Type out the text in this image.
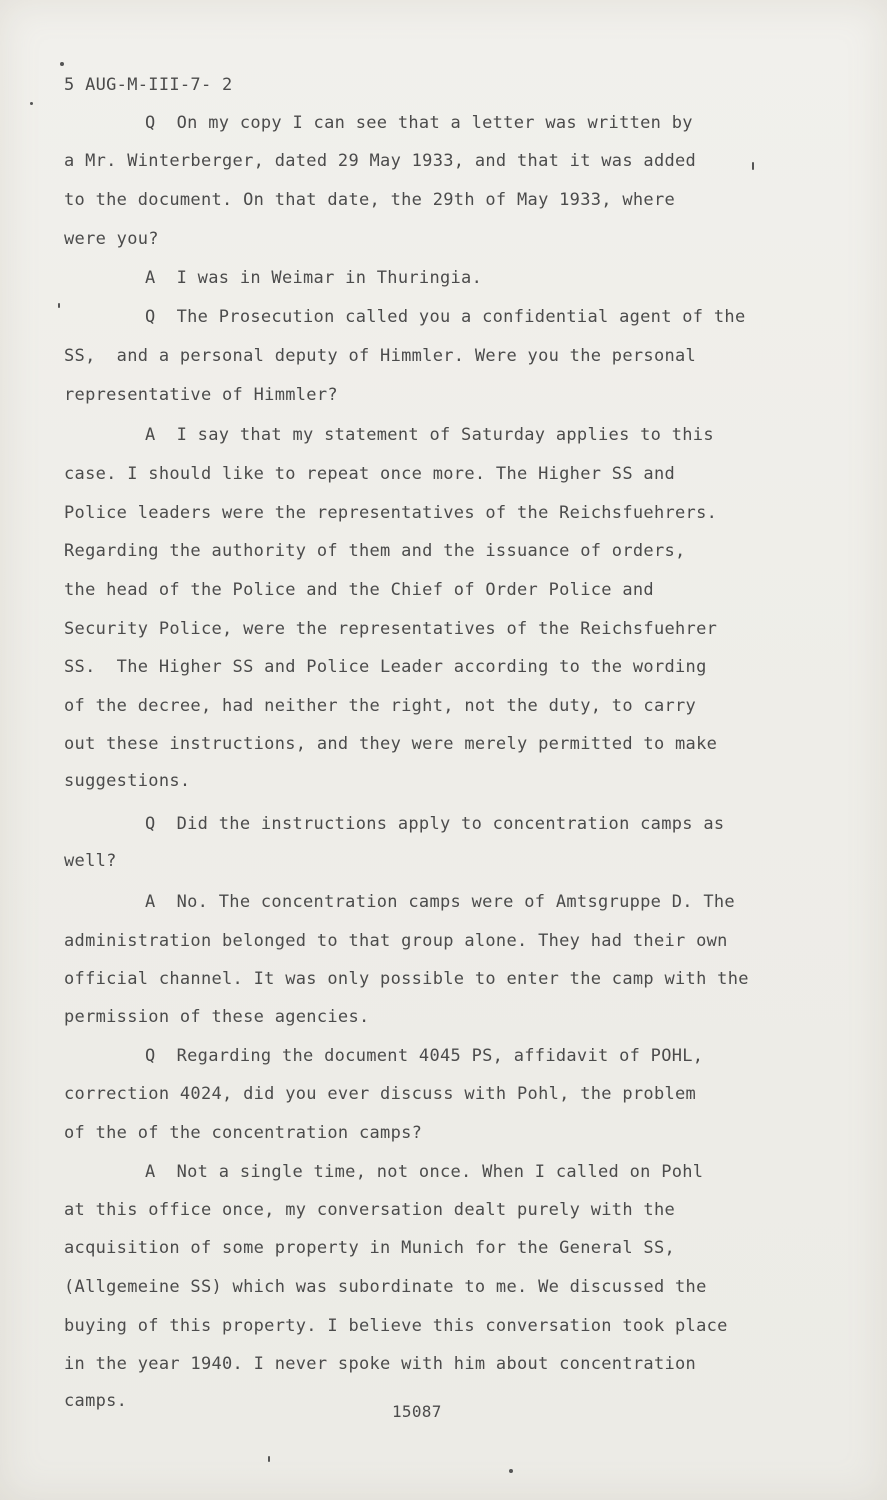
5 AUG-M-III-7- 2

Q  On my copy I can see that a letter was written by

a Mr. Winterberger, dated 29 May 1933, and that it was added

to the document. On that date, the 29th of May 1933, where

were you?

A  I was in Weimar in Thuringia.

Q  The Prosecution called you a confidential agent of the

SS,  and a personal deputy of Himmler. Were you the personal

representative of Himmler?

A  I say that my statement of Saturday applies to this

case. I should like to repeat once more. The Higher SS and

Police leaders were the representatives of the Reichsfuehrers.

Regarding the authority of them and the issuance of orders,

the head of the Police and the Chief of Order Police and

Security Police, were the representatives of the Reichsfuehrer

SS.  The Higher SS and Police Leader according to the wording

of the decree, had neither the right, not the duty, to carry

out these instructions, and they were merely permitted to make

suggestions.

Q  Did the instructions apply to concentration camps as

well?

A  No. The concentration camps were of Amtsgruppe D. The

administration belonged to that group alone. They had their own

official channel. It was only possible to enter the camp with the

permission of these agencies.

Q  Regarding the document 4045 PS, affidavit of POHL,

correction 4024, did you ever discuss with Pohl, the problem

of the of the concentration camps?

A  Not a single time, not once. When I called on Pohl

at this office once, my conversation dealt purely with the

acquisition of some property in Munich for the General SS,

(Allgemeine SS) which was subordinate to me. We discussed the

buying of this property. I believe this conversation took place

in the year 1940. I never spoke with him about concentration

camps.

15087
